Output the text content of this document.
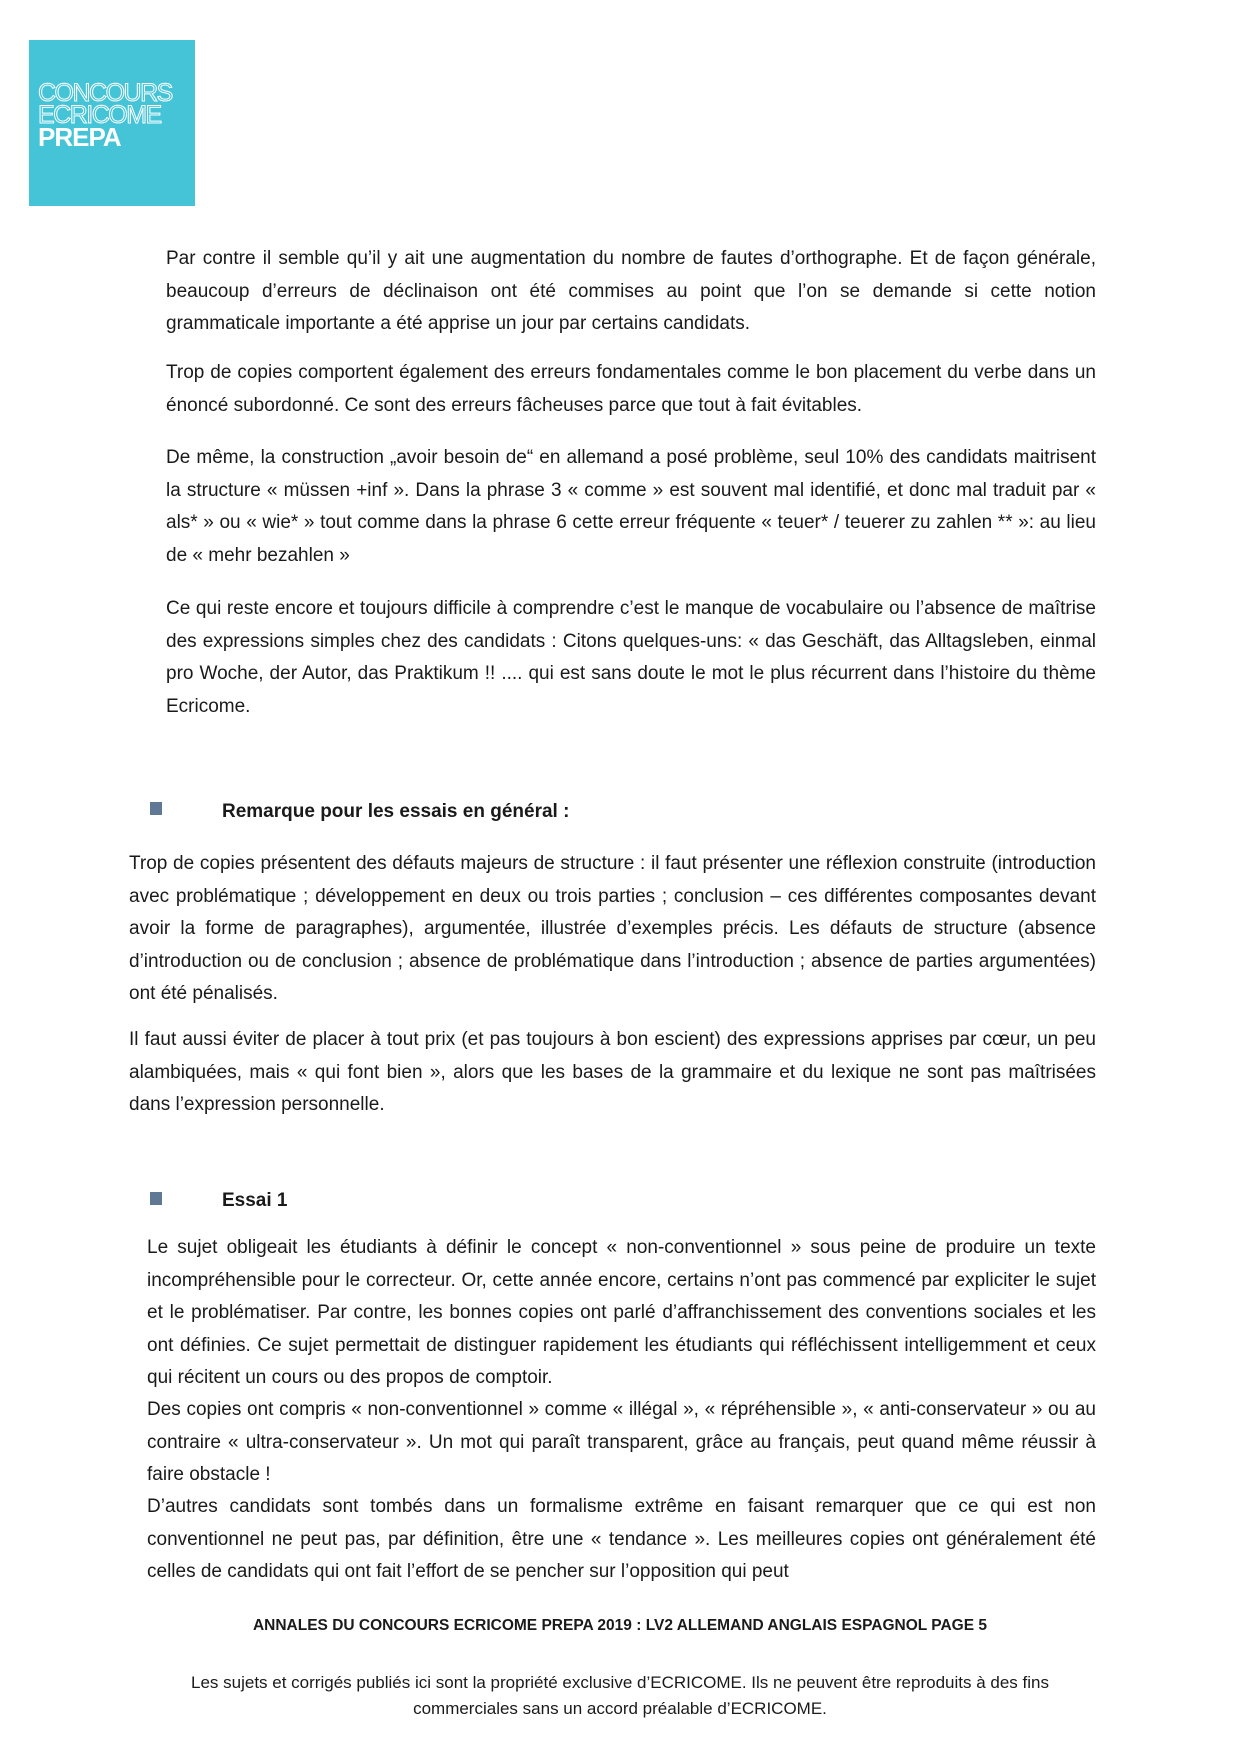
CONCOURS
ECRICOME
PREPA

Par contre il semble qu’il y ait une augmentation du nombre de fautes d’orthographe. Et de façon générale, beaucoup d’erreurs de déclinaison ont été commises au point que l’on se demande si cette notion grammaticale importante a été apprise un jour par certains candidats.

Trop de copies comportent également des erreurs fondamentales comme le bon placement du verbe dans un énoncé subordonné. Ce sont des erreurs fâcheuses parce que tout à fait évitables.

De même, la construction „avoir besoin de“ en allemand a posé problème, seul 10% des candidats maitrisent la structure « müssen +inf ». Dans la phrase 3 « comme » est souvent mal identifié, et donc mal traduit par « als* » ou « wie* » tout comme dans la phrase 6 cette erreur fréquente « teuer* / teuerer zu zahlen ** »: au lieu de « mehr bezahlen »

Ce qui reste encore et toujours difficile à comprendre c’est le manque de vocabulaire ou l’absence de maîtrise des expressions simples chez des candidats : Citons quelques-uns: « das Geschäft, das Alltagsleben, einmal pro Woche, der Autor, das Praktikum !! .... qui est sans doute le mot le plus récurrent dans l’histoire du thème Ecricome.

Remarque pour les essais en général :

Trop de copies présentent des défauts majeurs de structure : il faut présenter une réflexion construite (introduction avec problématique ; développement en deux ou trois parties ; conclusion – ces différentes composantes devant avoir la forme de paragraphes), argumentée, illustrée d’exemples précis. Les défauts de structure (absence d’introduction ou de conclusion ; absence de problématique dans l’introduction ; absence de parties argumentées) ont été pénalisés.

Il faut aussi éviter de placer à tout prix (et pas toujours à bon escient) des expressions apprises par cœur, un peu alambiquées, mais « qui font bien », alors que les bases de la grammaire et du lexique ne sont pas maîtrisées dans l’expression personnelle.

Essai 1

Le sujet obligeait les étudiants à définir le concept « non-conventionnel » sous peine de produire un texte incompréhensible pour le correcteur. Or, cette année encore, certains n’ont pas commencé par expliciter le sujet et le problématiser. Par contre, les bonnes copies ont parlé d’affranchissement des conventions sociales et les ont définies. Ce sujet permettait de distinguer rapidement les étudiants qui réfléchissent intelligemment et ceux qui récitent un cours ou des propos de comptoir.

Des copies ont compris « non-conventionnel » comme « illégal », « répréhensible », « anti-conservateur » ou au contraire « ultra-conservateur ». Un mot qui paraît transparent, grâce au français, peut quand même réussir à faire obstacle !

D’autres candidats sont tombés dans un formalisme extrême en faisant remarquer que ce qui est non conventionnel ne peut pas, par définition, être une « tendance ». Les meilleures copies ont généralement été celles de candidats qui ont fait l’effort de se pencher sur l’opposition qui peut

ANNALES DU CONCOURS ECRICOME PREPA 2019 : LV2 ALLEMAND ANGLAIS ESPAGNOL PAGE 5

Les sujets et corrigés publiés ici sont la propriété exclusive d’ECRICOME. Ils ne peuvent être reproduits à des fins commerciales sans un accord préalable d’ECRICOME.
